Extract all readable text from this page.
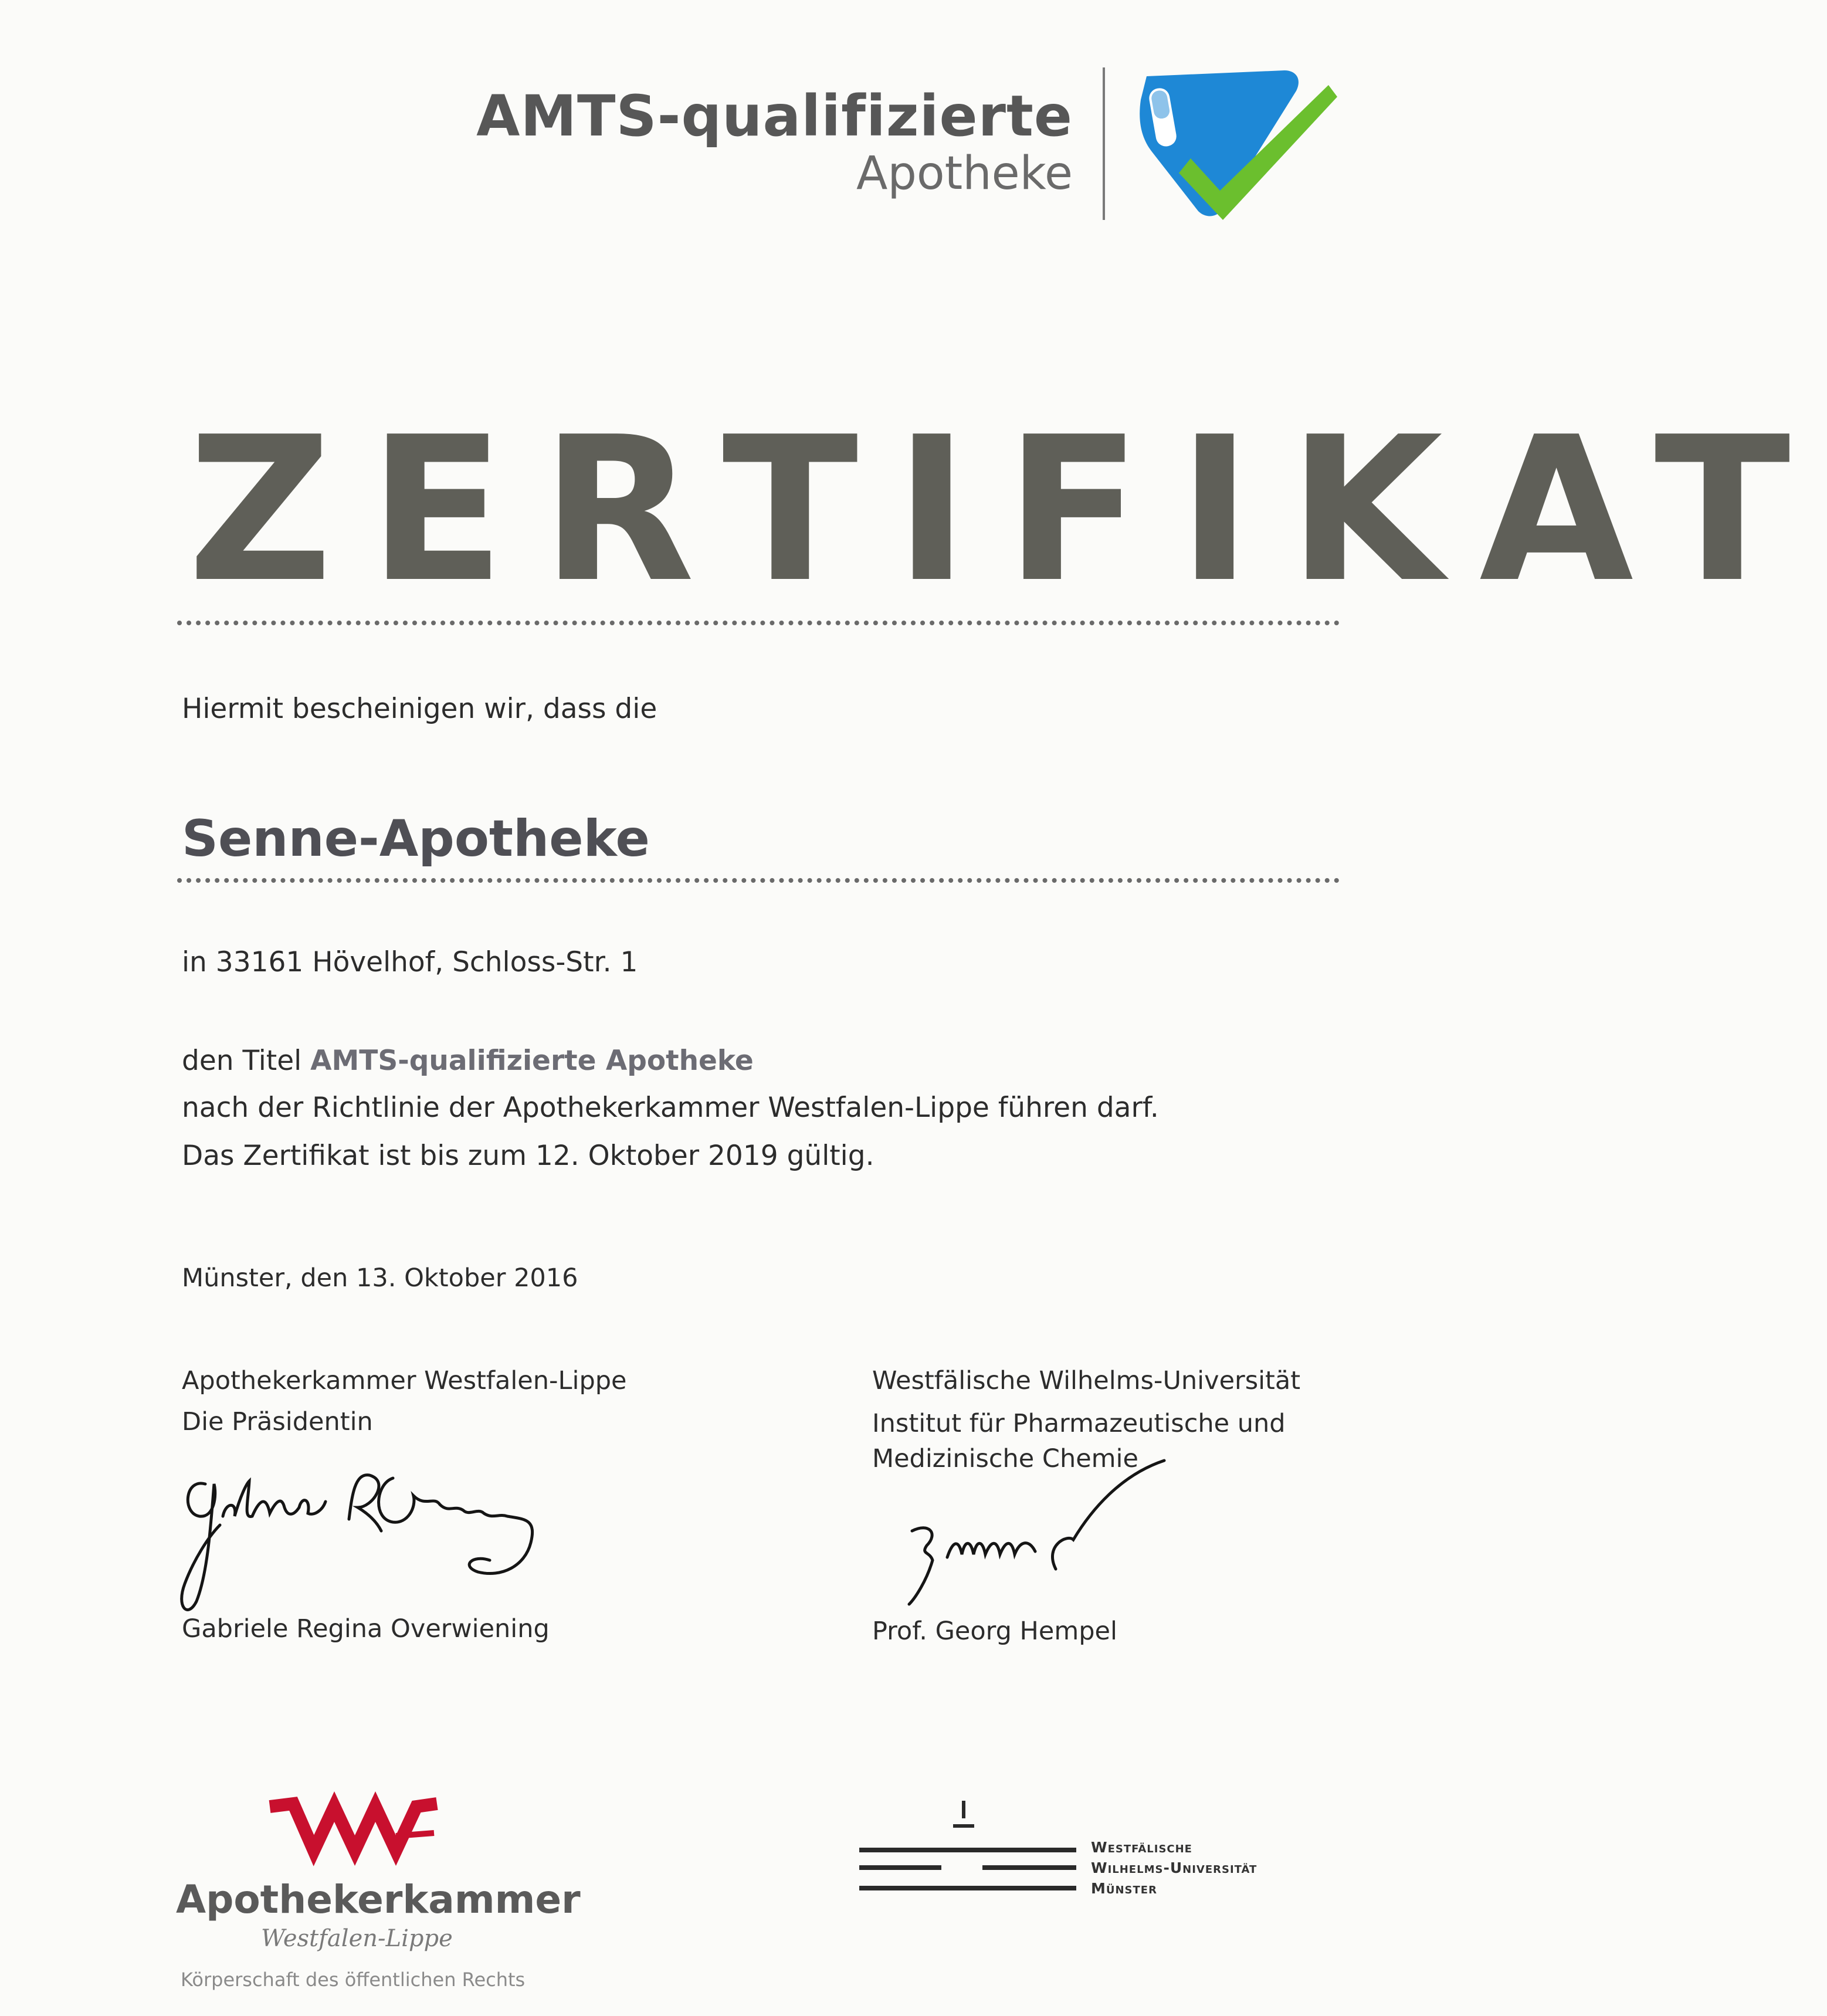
AMTS-qualifizierte
Apotheke
ZERTIFIKAT
Hiermit bescheinigen wir, dass die
Senne-Apotheke
in 33161 Hövelhof, Schloss-Str. 1
den Titel AMTS-qualifizierte Apotheke
nach der Richtlinie der Apothekerkammer Westfalen-Lippe führen darf.
Das Zertifikat ist bis zum 12. Oktober 2019 gültig.
Münster, den 13. Oktober 2016
Apothekerkammer Westfalen-Lippe
Die Präsidentin
Gabriele Regina Overwiening
Westfälische Wilhelms-Universität
Institut für Pharmazeutische und
Medizinische Chemie
Prof. Georg Hempel
Apothekerkammer
Westfalen-Lippe
Körperschaft des öffentlichen Rechts
Westfälische
Wilhelms-Universität
Münster
